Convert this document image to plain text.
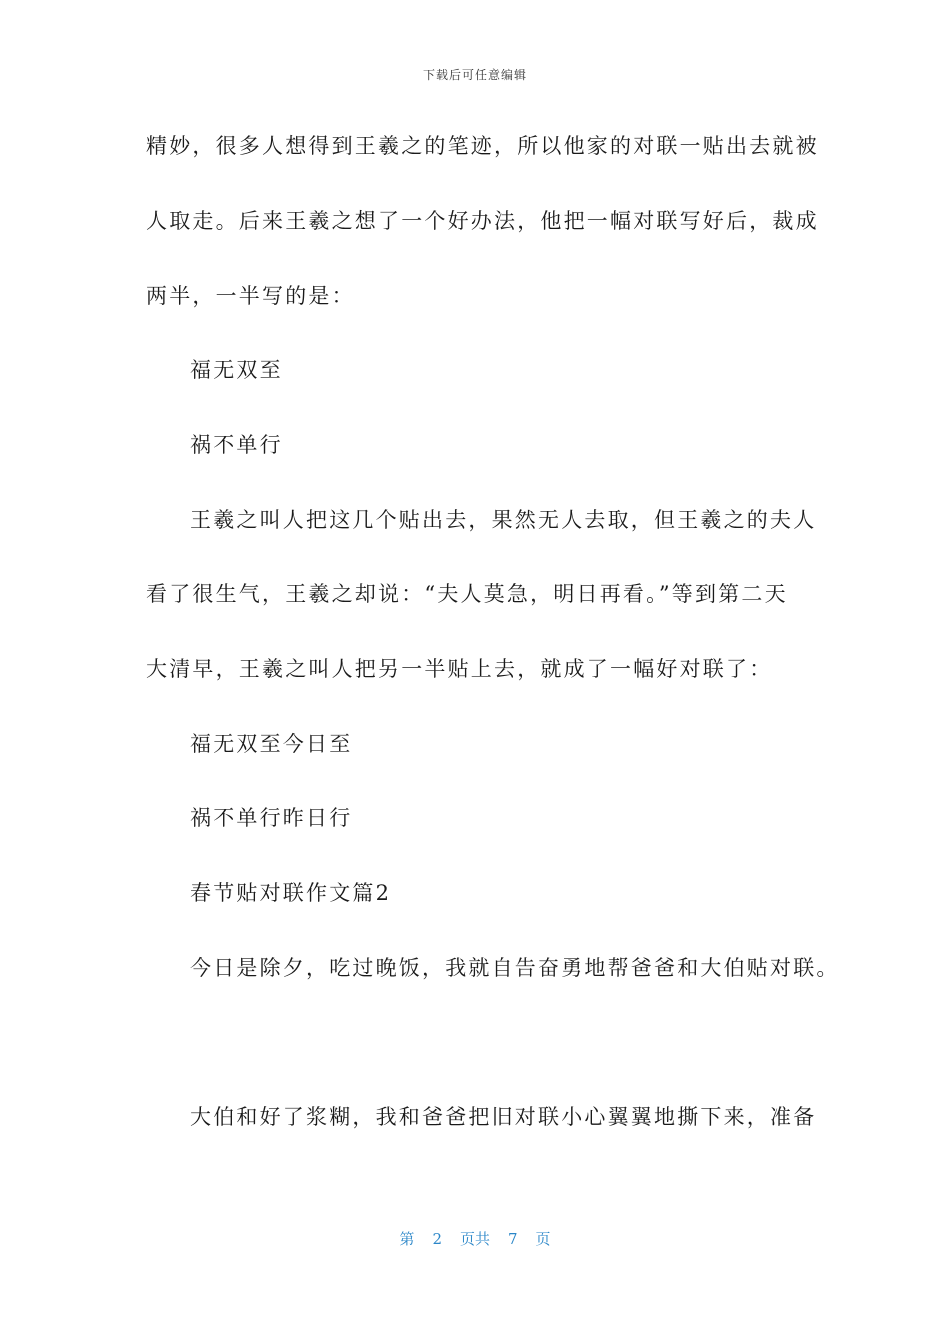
下载后可任意编辑
精妙，很多人想得到王羲之的笔迹，所以他家的对联一贴出去就被
人取走。后来王羲之想了一个好办法，他把一幅对联写好后，裁成
两半，一半写的是：
福无双至
祸不单行
王羲之叫人把这几个贴出去，果然无人去取，但王羲之的夫人
看了很生气，王羲之却说：“夫人莫急，明日再看。”等到第二天
大清早，王羲之叫人把另一半贴上去，就成了一幅好对联了：
福无双至今日至
祸不单行昨日行
春节贴对联作文篇2
今日是除夕，吃过晚饭，我就自告奋勇地帮爸爸和大伯贴对联。
大伯和好了浆糊，我和爸爸把旧对联小心翼翼地撕下来，准备
第 2 页共 7 页
